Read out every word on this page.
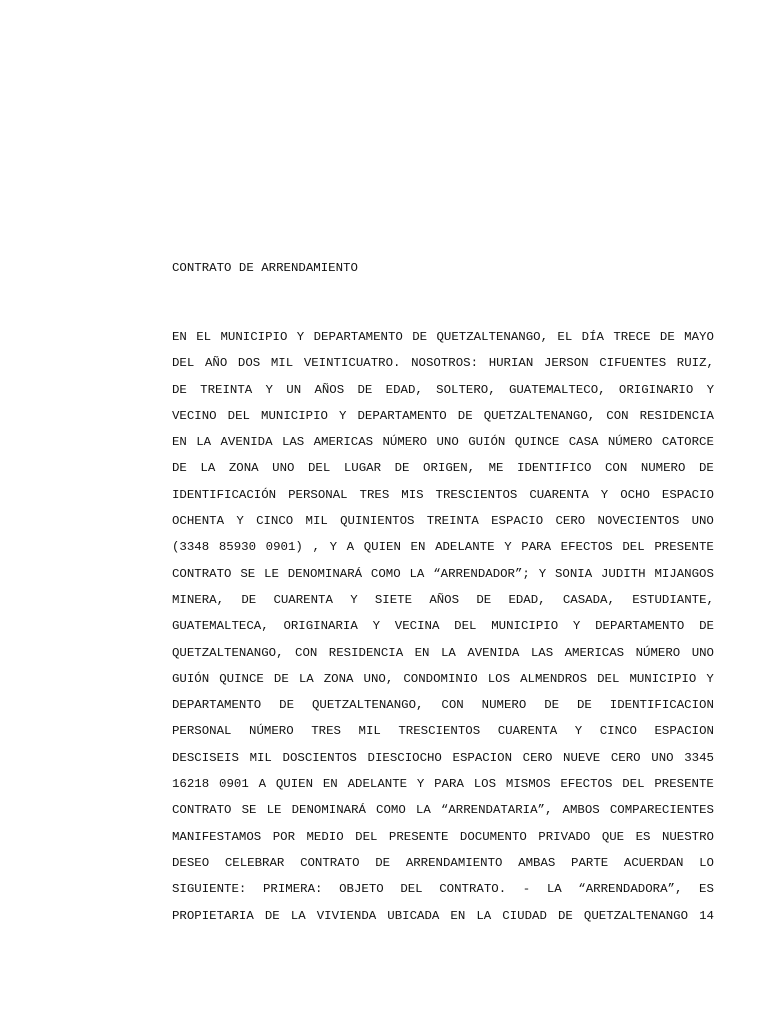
CONTRATO DE ARRENDAMIENTO
EN EL MUNICIPIO Y DEPARTAMENTO DE QUETZALTENANGO, EL DÍA TRECE DE MAYO
DEL AÑO DOS MIL VEINTICUATRO. NOSOTROS: HURIAN JERSON CIFUENTES RUIZ,
DE TREINTA Y UN AÑOS DE EDAD, SOLTERO, GUATEMALTECO, ORIGINARIO Y
VECINO DEL MUNICIPIO Y DEPARTAMENTO DE QUETZALTENANGO, CON RESIDENCIA
EN LA AVENIDA LAS AMERICAS NÚMERO UNO GUIÓN QUINCE CASA NÚMERO CATORCE
DE LA ZONA UNO DEL LUGAR DE ORIGEN, ME IDENTIFICO CON NUMERO DE
IDENTIFICACIÓN PERSONAL TRES MIS TRESCIENTOS CUARENTA Y OCHO ESPACIO
OCHENTA Y CINCO MIL QUINIENTOS TREINTA ESPACIO CERO NOVECIENTOS UNO
(3348 85930 0901) , Y A QUIEN EN ADELANTE Y PARA EFECTOS DEL PRESENTE
CONTRATO SE LE DENOMINARÁ COMO LA “ARRENDADOR”; Y SONIA JUDITH MIJANGOS
MINERA, DE CUARENTA Y SIETE AÑOS DE EDAD, CASADA, ESTUDIANTE,
GUATEMALTECA, ORIGINARIA Y VECINA DEL MUNICIPIO Y DEPARTAMENTO DE
QUETZALTENANGO, CON RESIDENCIA EN LA AVENIDA LAS AMERICAS NÚMERO UNO
GUIÓN QUINCE DE LA ZONA UNO, CONDOMINIO LOS ALMENDROS DEL MUNICIPIO Y
DEPARTAMENTO DE QUETZALTENANGO, CON NUMERO DE DE IDENTIFICACION
PERSONAL NÚMERO TRES MIL TRESCIENTOS CUARENTA Y CINCO ESPACION
DESCISEIS MIL DOSCIENTOS DIESCIOCHO ESPACION CERO NUEVE CERO UNO 3345
16218 0901 A QUIEN EN ADELANTE Y PARA LOS MISMOS EFECTOS DEL PRESENTE
CONTRATO SE LE DENOMINARÁ COMO LA “ARRENDATARIA”, AMBOS COMPARECIENTES
MANIFESTAMOS POR MEDIO DEL PRESENTE DOCUMENTO PRIVADO QUE ES NUESTRO
DESEO CELEBRAR CONTRATO DE ARRENDAMIENTO AMBAS PARTE ACUERDAN LO
SIGUIENTE: PRIMERA: OBJETO DEL CONTRATO. - LA “ARRENDADORA”, ES
PROPIETARIA DE LA VIVIENDA UBICADA EN LA CIUDAD DE QUETZALTENANGO 14
